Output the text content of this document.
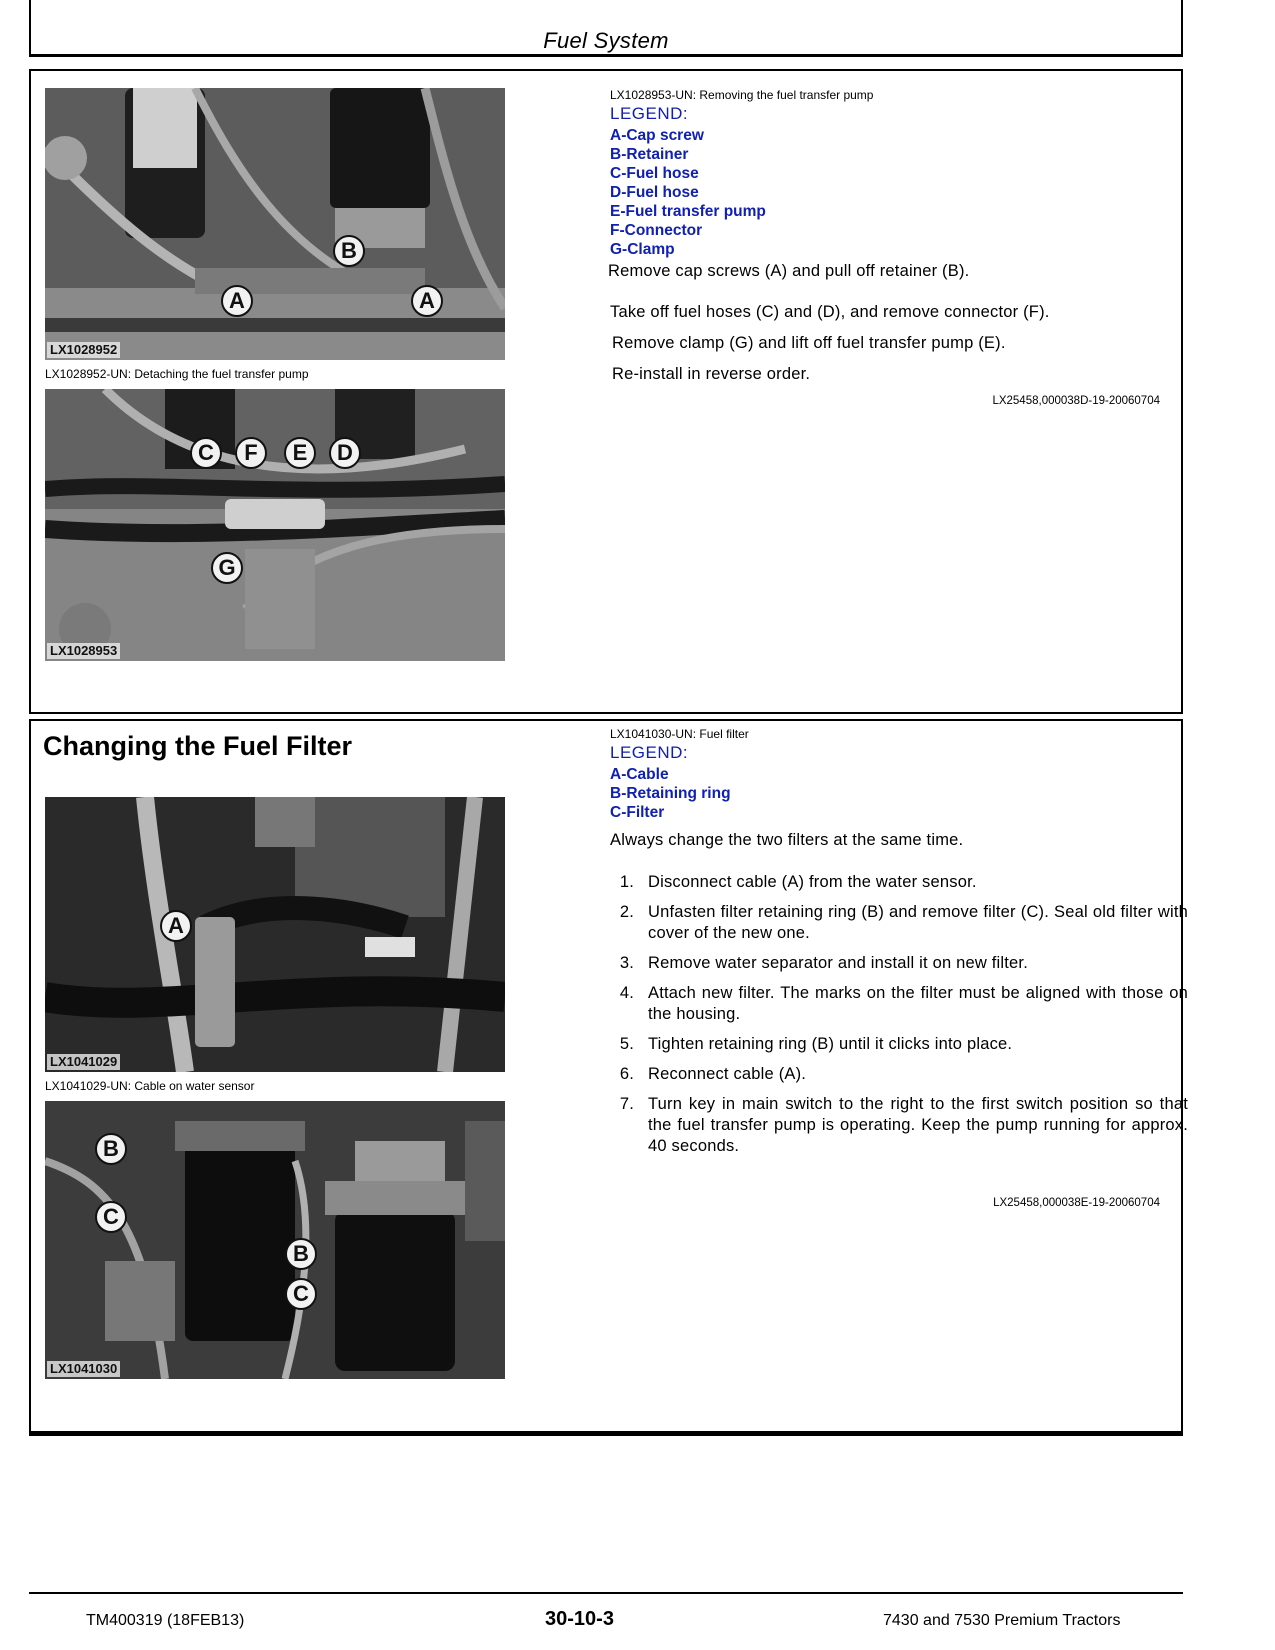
Fuel System
A
B
A
LX1028952
LX1028952-UN: Detaching the fuel transfer pump
C	F	E	D
G
LX1028953
LX1028953-UN: Removing the fuel transfer pump
LEGEND:
A-Cap screw
B-Retainer
C-Fuel hose
D-Fuel hose
E-Fuel transfer pump
F-Connector
G-Clamp
Remove cap screws (A) and pull off retainer (B).
Take off fuel hoses (C) and (D), and remove connector (F).
Remove clamp (G) and lift off fuel transfer pump (E).
Re-install in reverse order.
LX25458,000038D-19-20060704
Changing the Fuel Filter
A
LX1041029
LX1041029-UN: Cable on water sensor
B
C
B
C
LX1041030
LX1041030-UN: Fuel filter
LEGEND:
A-Cable
B-Retaining ring
C-Filter
Always change the two filters at the same time.
1. Disconnect cable (A) from the water sensor.
2. Unfasten filter retaining ring (B) and remove filter (C). Seal old filter with cover of the new one.
3. Remove water separator and install it on new filter.
4. Attach new filter. The marks on the filter must be aligned with those on the housing.
5. Tighten retaining ring (B) until it clicks into place.
6. Reconnect cable (A).
7. Turn key in main switch to the right to the first switch position so that the fuel transfer pump is operating. Keep the pump running for approx. 40 seconds.
LX25458,000038E-19-20060704
TM400319 (18FEB13)	30-10-3	7430 and 7530 Premium Tractors
